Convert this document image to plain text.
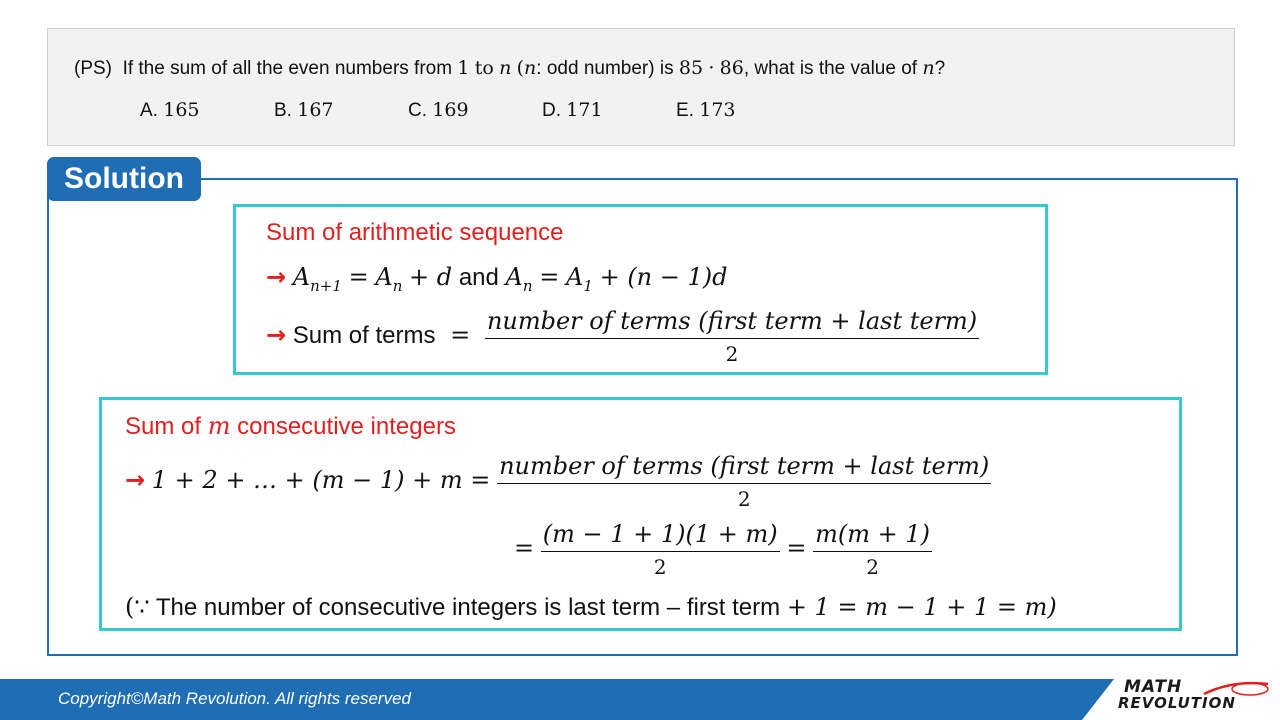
(PS) If the sum of all the even numbers from 1 to n (n: odd number) is 85 · 86, what is the value of n?
A. 165	B. 167	C. 169	D. 171	E. 173
Solution
Sum of arithmetic sequence
→ $A_{n+1} = A_n + d$ and $A_n = A_1 + (n - 1)d$
→ Sum of terms = $\frac{\text{number of terms (first term + last term)}}{2}$
Sum of m consecutive integers
→ 1 + 2 + … + $(m - 1) + m = \frac{\text{number of terms (first term + last term)}}{2}$
= $\frac{(m - 1 + 1)(1 + m)}{2} = \frac{m(m + 1)}{2}$
(∵ The number of consecutive integers is last term – first term + 1 = m − 1 + 1 = m)
Copyright©Math Revolution. All rights reserved
MATH
REVOLUTION
